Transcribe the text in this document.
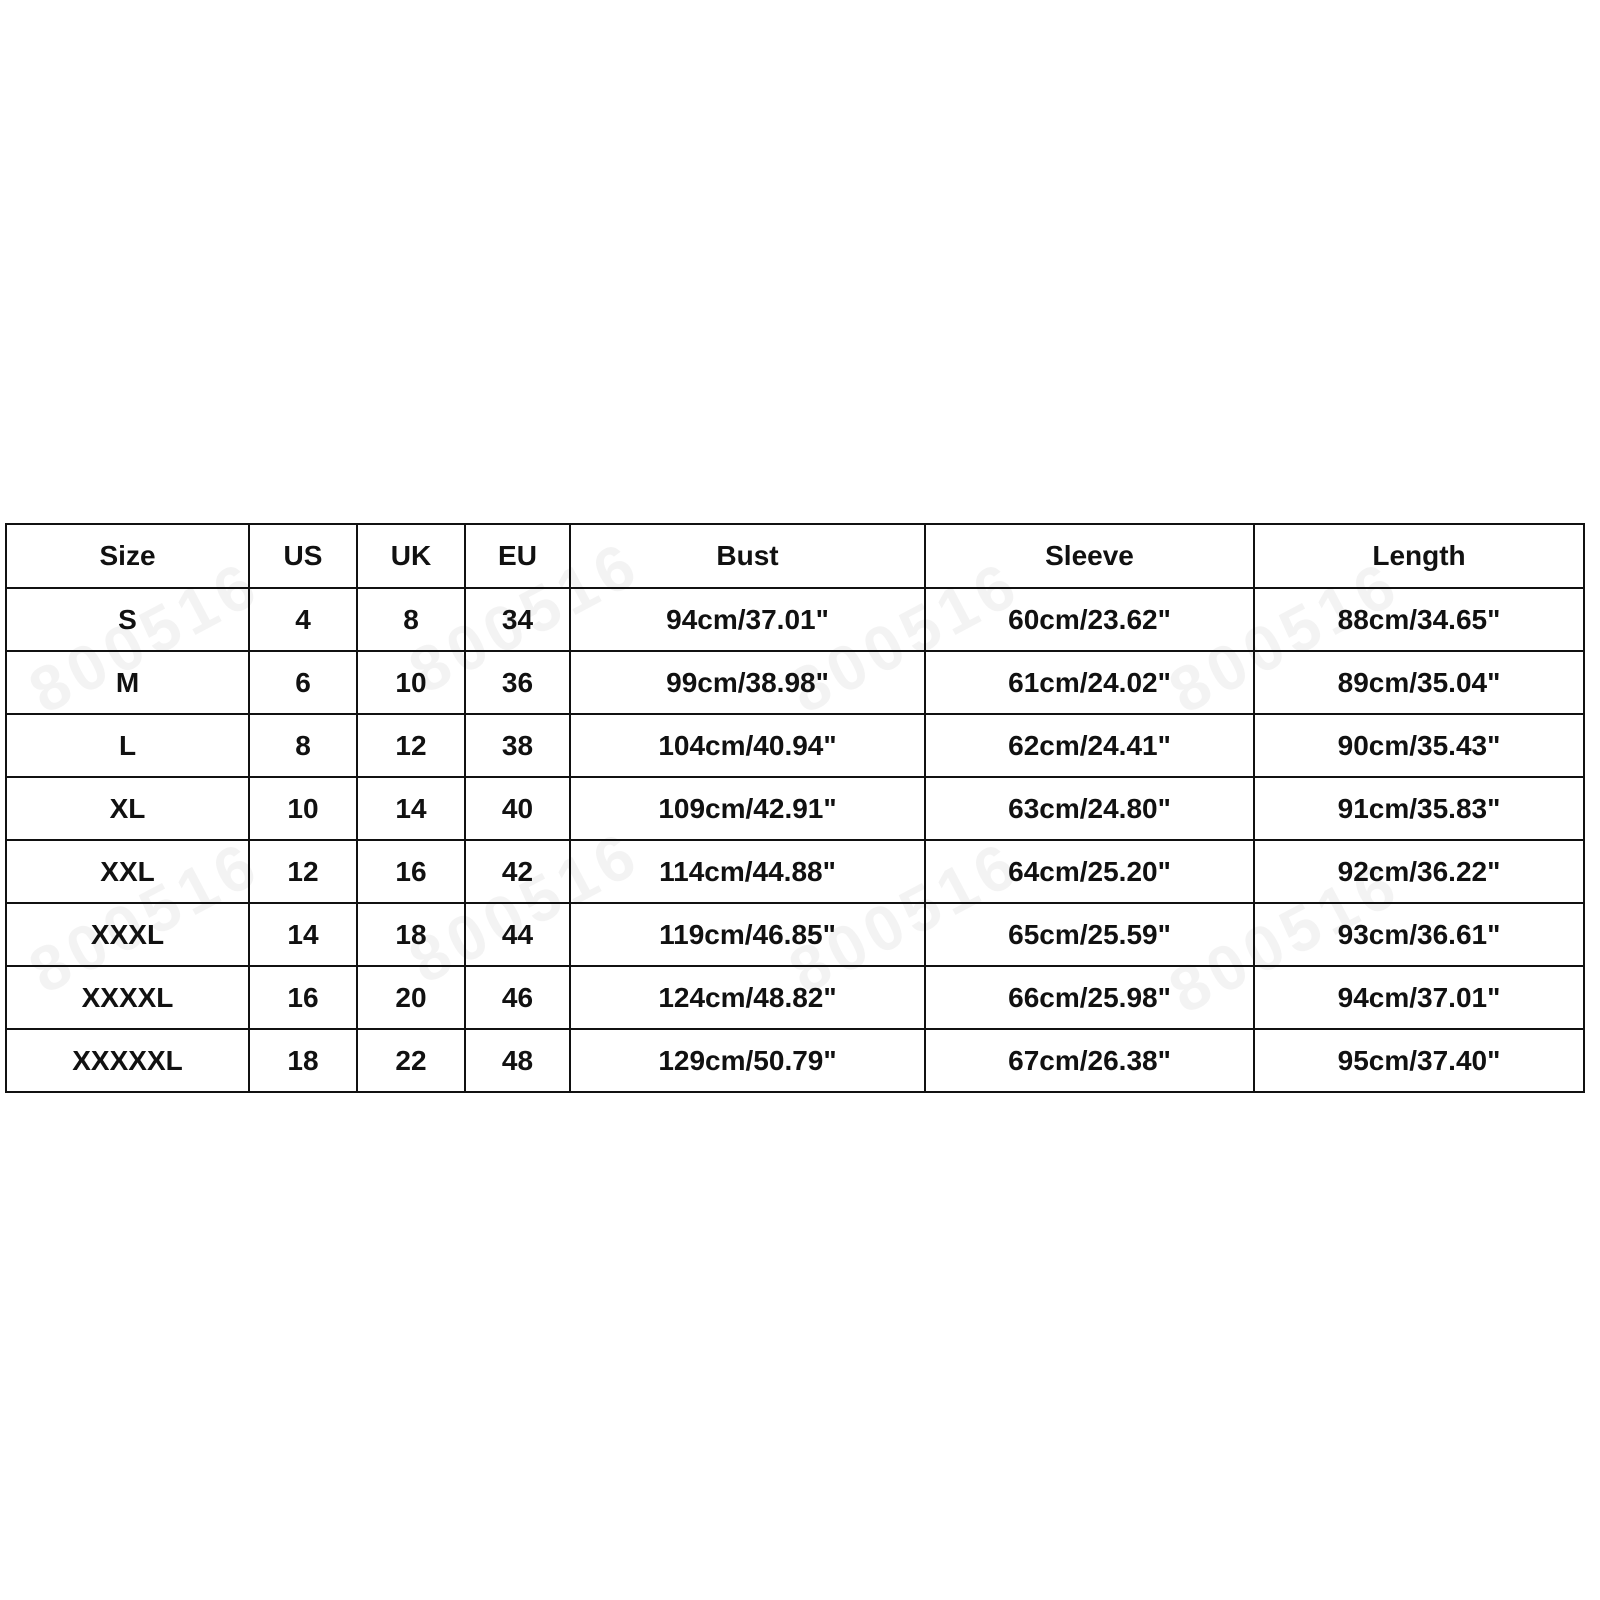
Size	US	UK	EU	Bust	Sleeve	Length
S	4	8	34	94cm/37.01"	60cm/23.62"	88cm/34.65"
M	6	10	36	99cm/38.98"	61cm/24.02"	89cm/35.04"
L	8	12	38	104cm/40.94"	62cm/24.41"	90cm/35.43"
XL	10	14	40	109cm/42.91"	63cm/24.80"	91cm/35.83"
XXL	12	16	42	114cm/44.88"	64cm/25.20"	92cm/36.22"
XXXL	14	18	44	119cm/46.85"	65cm/25.59"	93cm/36.61"
XXXXL	16	20	46	124cm/48.82"	66cm/25.98"	94cm/37.01"
XXXXXL	18	22	48	129cm/50.79"	67cm/26.38"	95cm/37.40"
